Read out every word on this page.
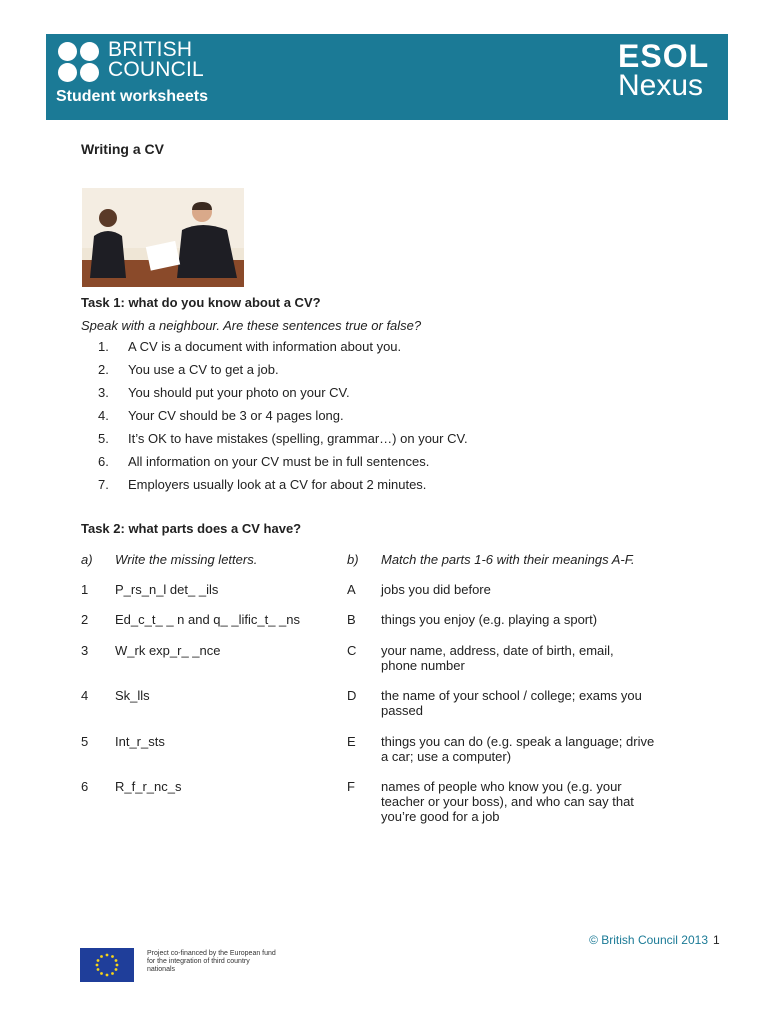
BRITISH
COUNCIL
Student worksheets
ESOL
Nexus
Writing a CV
Task 1: what do you know about a CV?
Speak with a neighbour. Are these sentences true or false?
1.	A CV is a document with information about you.
2.	You use a CV to get a job.
3.	You should put your photo on your CV.
4.	Your CV should be 3 or 4 pages long.
5.	It’s OK to have mistakes (spelling, grammar…) on your CV.
6.	All information on your CV must be in full sentences.
7.	Employers usually look at a CV for about 2 minutes.
Task 2: what parts does a CV have?
a) Write the missing letters.	b) Match the parts 1-6 with their meanings A-F.
1 P_rs_n_l det_ _ils	A jobs you did before
2 Ed_c_t_ _ n and q_ _lific_t_ _ns	B things you enjoy (e.g. playing a sport)
3 W_rk exp_r_ _nce	C your name, address, date of birth, email, phone number
4 Sk_lls	D the name of your school / college; exams you passed
5 Int_r_sts	E things you can do (e.g. speak a language; drive a car; use a computer)
6 R_f_r_nc_s	F names of people who know you (e.g. your teacher or your boss), and who can say that you’re good for a job
© British Council 2013 1
Project co-financed by the European fund for the integration of third country nationals
